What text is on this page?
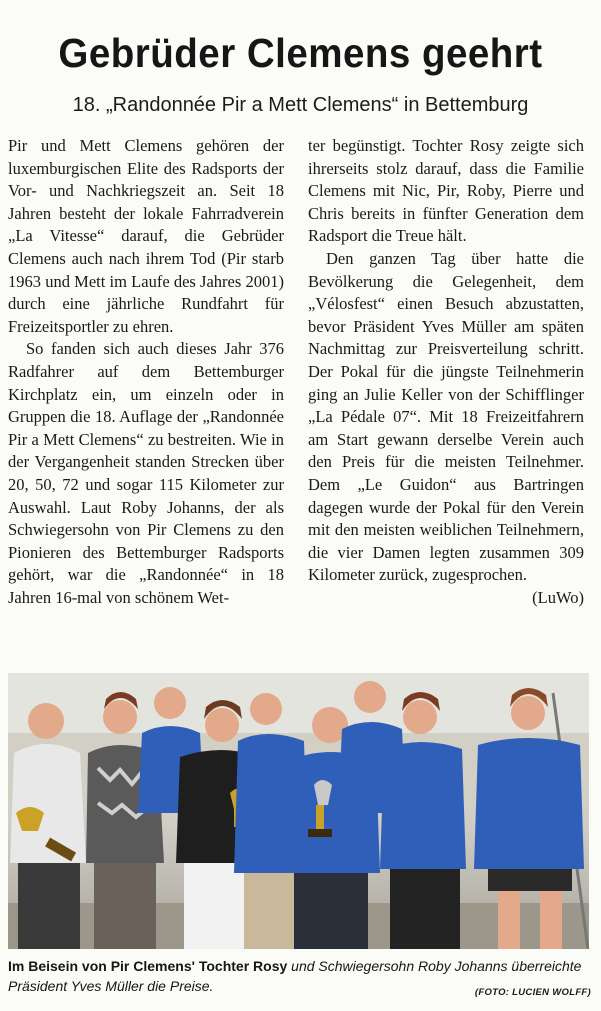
Gebrüder Clemens geehrt
18. „Randonnée Pir a Mett Clemens“ in Bettemburg

Pir und Mett Clemens gehören der luxemburgischen Elite des Radsports der Vor- und Nachkriegszeit an. Seit 18 Jahren besteht der lokale Fahrradverein „La Vitesse“ darauf, die Gebrüder Clemens auch nach ihrem Tod (Pir starb 1963 und Mett im Laufe des Jahres 2001) durch eine jährliche Rundfahrt für Freizeitsportler zu ehren.

So fanden sich auch dieses Jahr 376 Radfahrer auf dem Bettemburger Kirchplatz ein, um einzeln oder in Gruppen die 18. Auflage der „Randonnée Pir a Mett Clemens“ zu bestreiten. Wie in der Vergangenheit standen Strecken über 20, 50, 72 und sogar 115 Kilometer zur Auswahl. Laut Roby Johanns, der als Schwiegersohn von Pir Clemens zu den Pionieren des Bettemburger Radsports gehört, war die „Randonnée“ in 18 Jahren 16-mal von schönem Wet-

ter begünstigt. Tochter Rosy zeigte sich ihrerseits stolz darauf, dass die Familie Clemens mit Nic, Pir, Roby, Pierre und Chris bereits in fünfter Generation dem Radsport die Treue hält.

Den ganzen Tag über hatte die Bevölkerung die Gelegenheit, dem „Vélosfest“ einen Besuch abzustatten, bevor Präsident Yves Müller am späten Nachmittag zur Preisverteilung schritt. Der Pokal für die jüngste Teilnehmerin ging an Julie Keller von der Schifflinger „La Pédale 07“. Mit 18 Freizeitfahrern am Start gewann derselbe Verein auch den Preis für die meisten Teilnehmer. Dem „Le Guidon“ aus Bartringen dagegen wurde der Pokal für den Verein mit den meisten weiblichen Teilnehmern, die vier Damen legten zusammen 309 Kilometer zurück, zugesprochen.
(LuWo)

Im Beisein von Pir Clemens' Tochter Rosy und Schwiegersohn Roby Johanns überreichte Präsident Yves Müller die Preise.	(FOTO: LUCIEN WOLFF)
